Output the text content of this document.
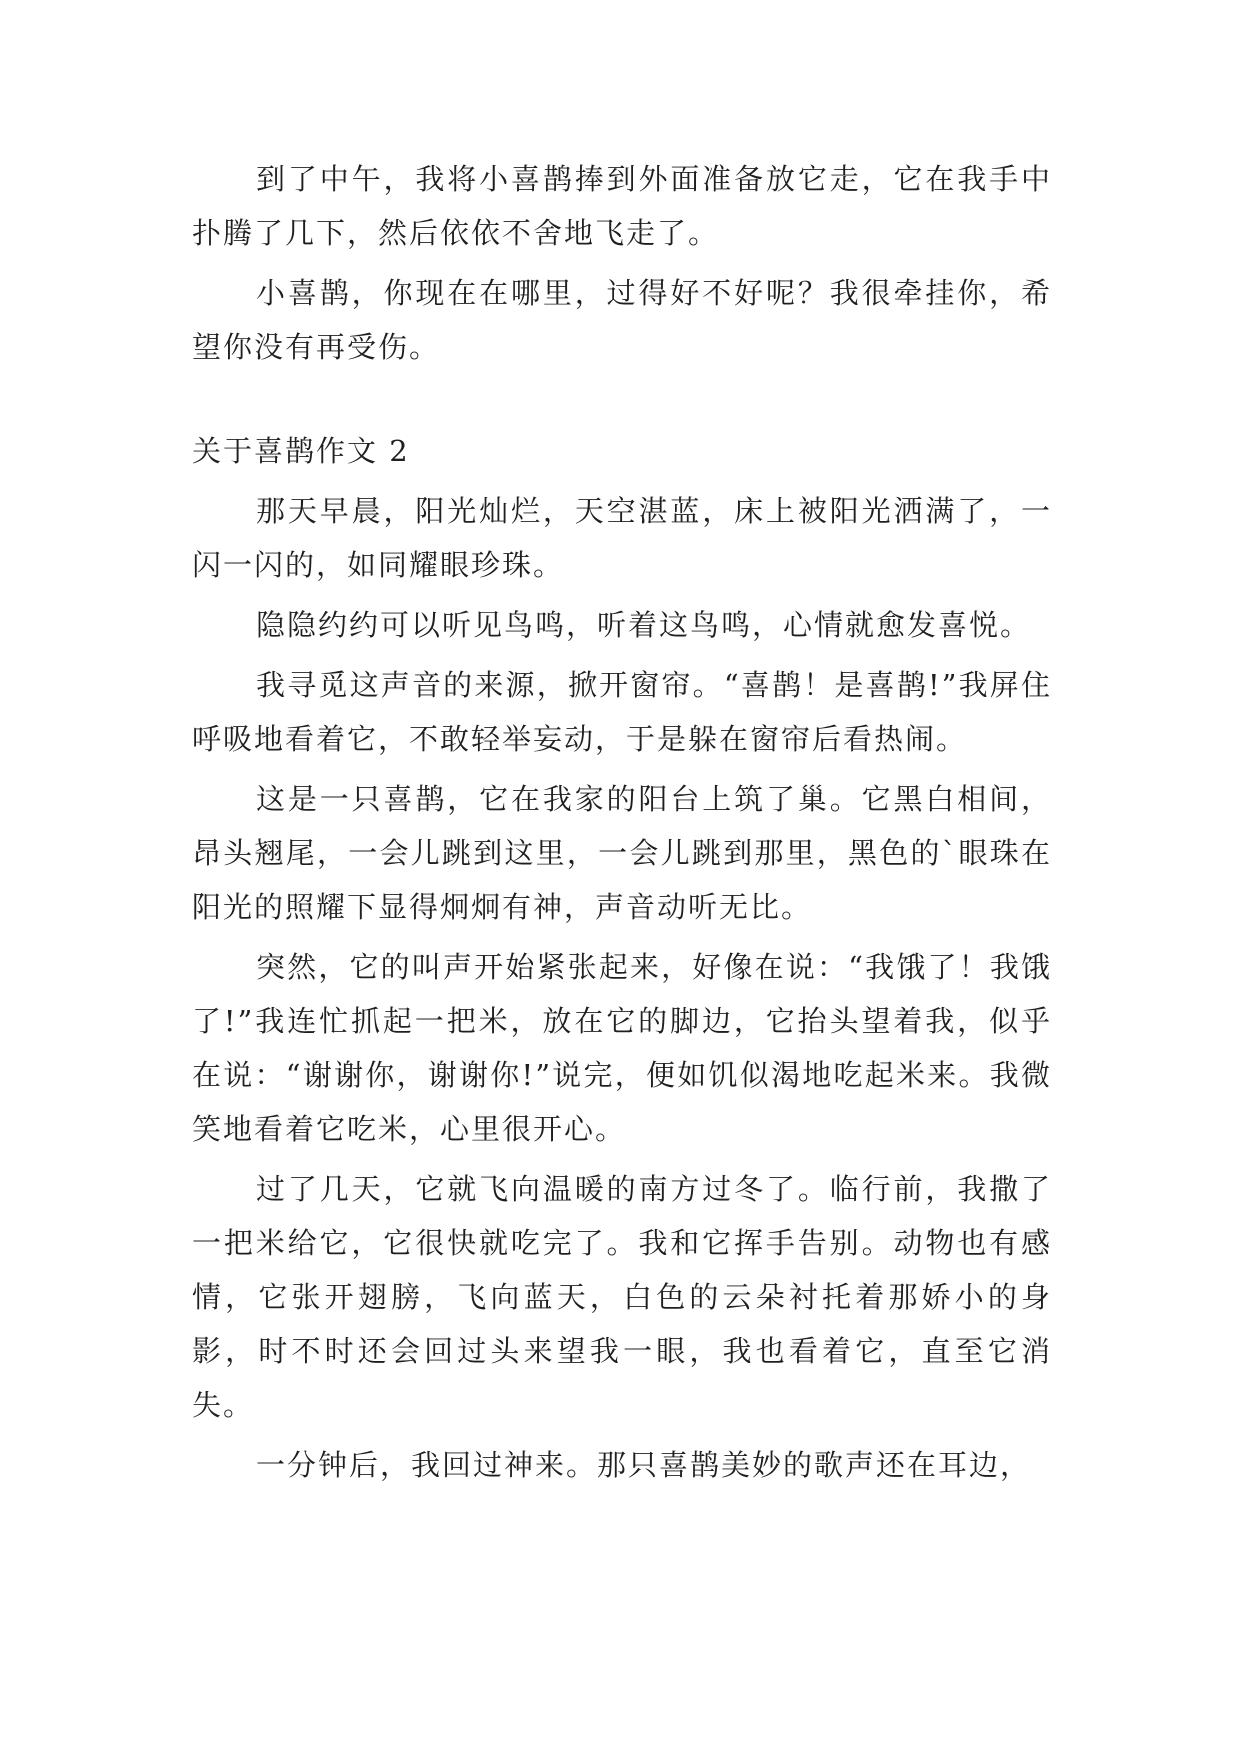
到了中午，我将小喜鹊捧到外面准备放它走，它在我手中扑腾了几下，然后依依不舍地飞走了。

小喜鹊，你现在在哪里，过得好不好呢？我很牵挂你，希望你没有再受伤。

关于喜鹊作文 2

那天早晨，阳光灿烂，天空湛蓝，床上被阳光洒满了，一闪一闪的，如同耀眼珍珠。

隐隐约约可以听见鸟鸣，听着这鸟鸣，心情就愈发喜悦。

我寻觅这声音的来源，掀开窗帘。“喜鹊！是喜鹊!”我屏住呼吸地看着它，不敢轻举妄动，于是躲在窗帘后看热闹。

这是一只喜鹊，它在我家的阳台上筑了巢。它黑白相间，昂头翘尾，一会儿跳到这里，一会儿跳到那里，黑色的`眼珠在阳光的照耀下显得炯炯有神，声音动听无比。

突然，它的叫声开始紧张起来，好像在说：“我饿了！我饿了!”我连忙抓起一把米，放在它的脚边，它抬头望着我，似乎在说：“谢谢你，谢谢你!”说完，便如饥似渴地吃起米来。我微笑地看着它吃米，心里很开心。

过了几天，它就飞向温暖的南方过冬了。临行前，我撒了一把米给它，它很快就吃完了。我和它挥手告别。动物也有感情，它张开翅膀，飞向蓝天，白色的云朵衬托着那娇小的身影，时不时还会回过头来望我一眼，我也看着它，直至它消失。

一分钟后，我回过神来。那只喜鹊美妙的歌声还在耳边，
